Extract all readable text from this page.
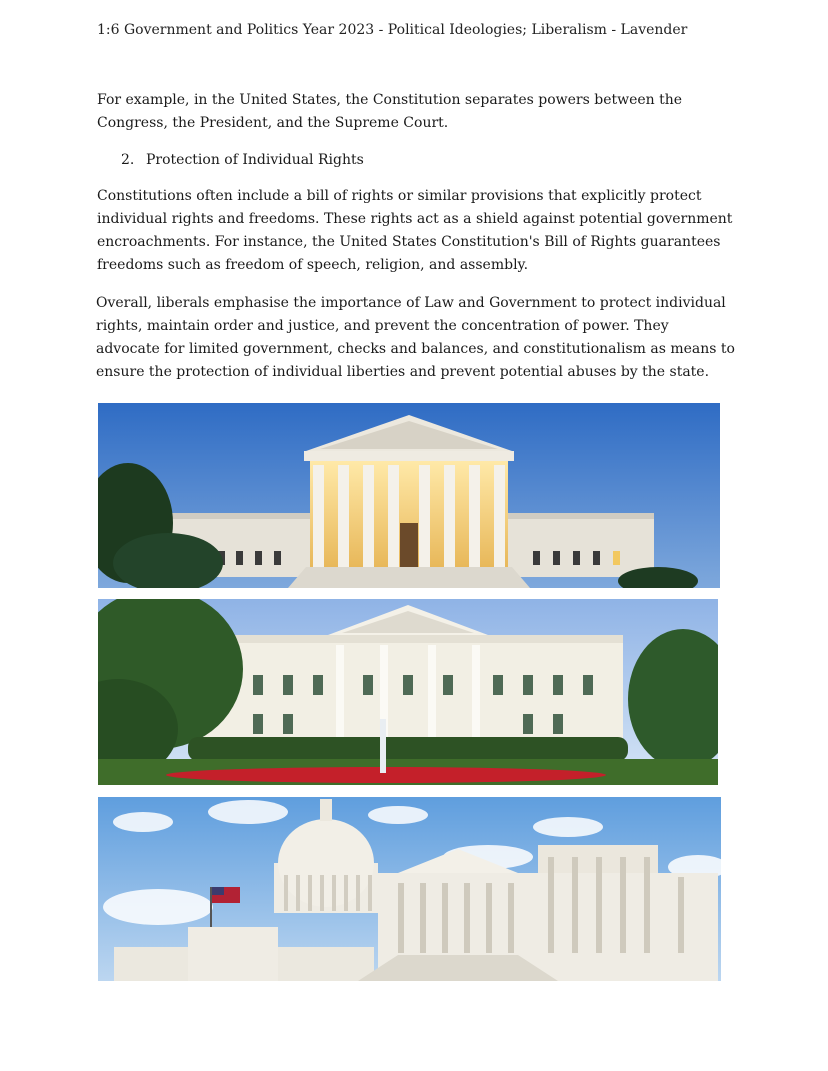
1:6 Government and Politics Year 2023 - Political Ideologies; Liberalism - Lavender

For example, in the United States, the Constitution separates powers between the Congress, the President, and the Supreme Court.

2. Protection of Individual Rights

Constitutions often include a bill of rights or similar provisions that explicitly protect individual rights and freedoms. These rights act as a shield against potential government encroachments. For instance, the United States Constitution's Bill of Rights guarantees freedoms such as freedom of speech, religion, and assembly.

Overall, liberals emphasise the importance of Law and Government to protect individual rights, maintain order and justice, and prevent the concentration of power. They advocate for limited government, checks and balances, and constitutionalism as means to ensure the protection of individual liberties and prevent potential abuses by the state.
